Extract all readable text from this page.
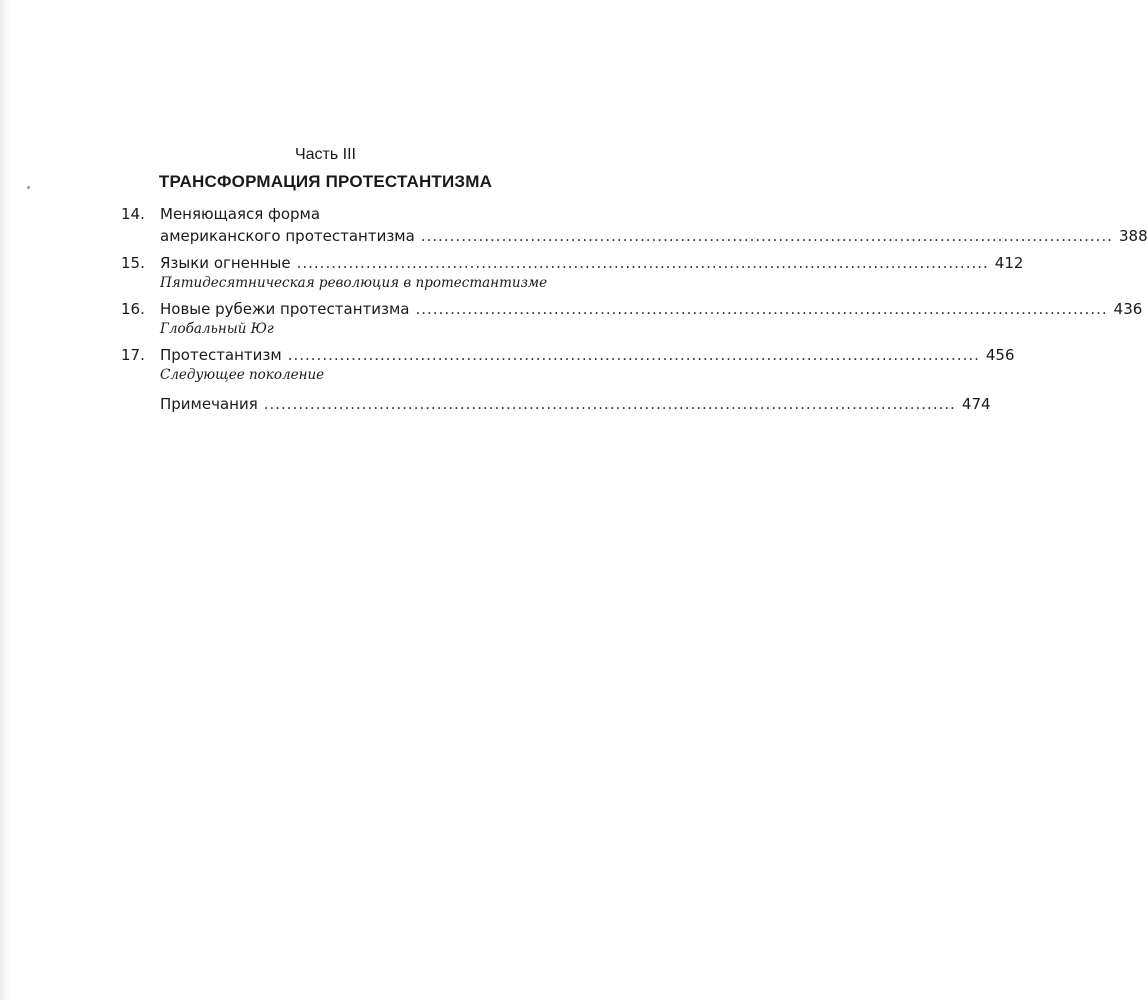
Часть III
ТРАНСФОРМАЦИЯ ПРОТЕСТАНТИЗМА
14.	Меняющаяся форма
американского протестантизма .....	388
15.	Языки огненные .....	412
Пятидесятническая революция в протестантизме
16.	Новые рубежи протестантизма .....	436
Глобальный Юг
17.	Протестантизм .....	456
Следующее поколение
Примечания .....	474
